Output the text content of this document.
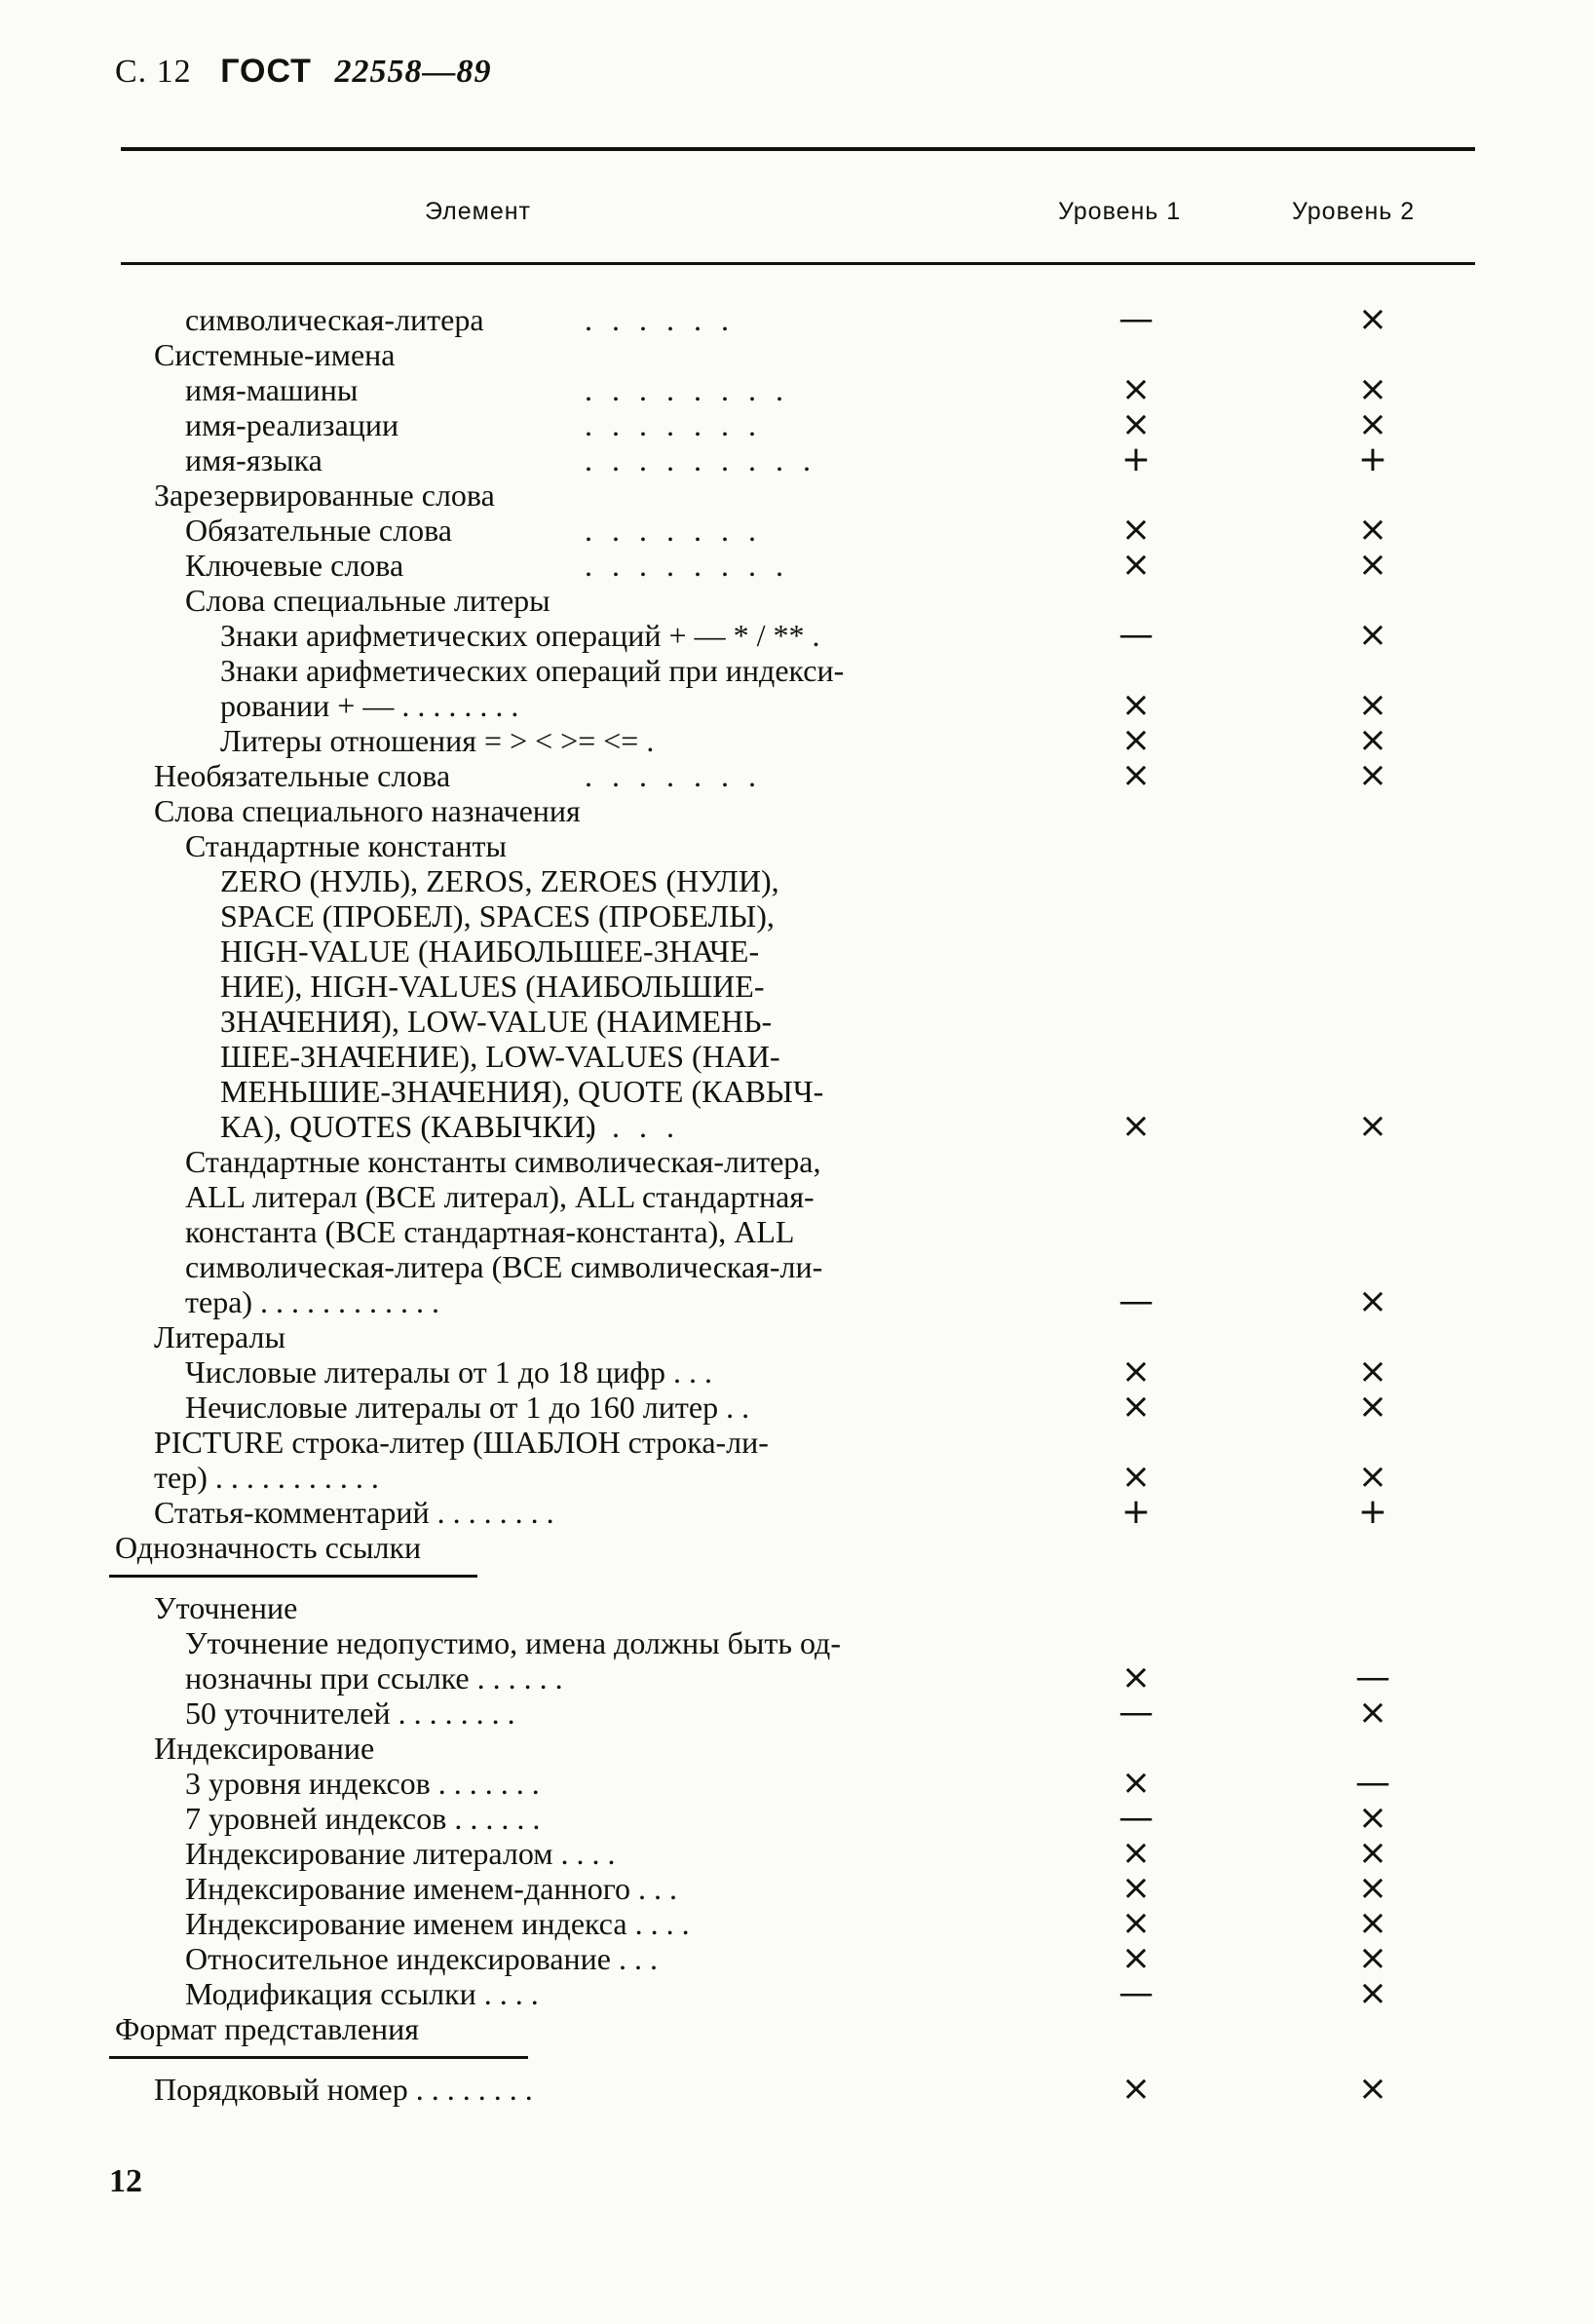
С. 12 ГОСТ 22558—89
Элемент	Уровень 1	Уровень 2
символическая-литера	. . . . . .	—	×
Системные-имена
имя-машины	. . . . . . . .	×	×
имя-реализации	. . . . . . .	×	×
имя-языка	. . . . . . . . .	+	+
Зарезервированные слова
Обязательные слова	. . . . . . .	×	×
Ключевые слова	. . . . . . . .	×	×
Слова специальные литеры
Знаки арифметических операций + — * / ** .	—	×
Знаки арифметических операций при индекси-
ровании + — . . . . . . . .	×	×
Литеры отношения = > < >= <= .	×	×
Необязательные слова	. . . . . . .	×	×
Слова специального назначения
Стандартные константы
ZERO (НУЛЬ), ZEROS, ZEROES (НУЛИ),
SPACE (ПРОБЕЛ), SPACES (ПРОБЕЛЫ),
HIGH-VALUE (НАИБОЛЬШЕЕ-ЗНАЧЕ-
НИЕ), HIGH-VALUES (НАИБОЛЬШИЕ-
ЗНАЧЕНИЯ), LOW-VALUE (НАИМЕНЬ-
ШЕЕ-ЗНАЧЕНИЕ), LOW-VALUES (НАИ-
МЕНЬШИЕ-ЗНАЧЕНИЯ), QUOTE (КАВЫЧ-
КА), QUOTES (КАВЫЧКИ)
. . . .	×	×
Стандартные константы символическая-литера,
ALL литерал (ВСЕ литерал), ALL стандартная-
константа (ВСЕ стандартная-константа), ALL
символическая-литера (ВСЕ символическая-ли-
тера) . . . . . . . . . . . .	—	×
Литералы
Числовые литералы от 1 до 18 цифр . . .	×	×
Нечисловые литералы от 1 до 160 литер . .	×	×
PICTURE строка-литер (ШАБЛОН строка-ли-
тер) . . . . . . . . . . .	×	×
Статья-комментарий . . . . . . . .	+	+
Однозначность ссылки
Уточнение
Уточнение недопустимо, имена должны быть од-
нозначны при ссылке . . . . . .	×	—
50 уточнителей . . . . . . . .	—	×
Индексирование
3 уровня индексов . . . . . . .	×	—
7 уровней индексов . . . . . .	—	×
Индексирование литералом . . . .	×	×
Индексирование именем-данного . . .	×	×
Индексирование именем индекса . . . .	×	×
Относительное индексирование . . .	×	×
Модификация ссылки . . . .	—	×
Формат представления
Порядковый номер . . . . . . . .	×	×
12
